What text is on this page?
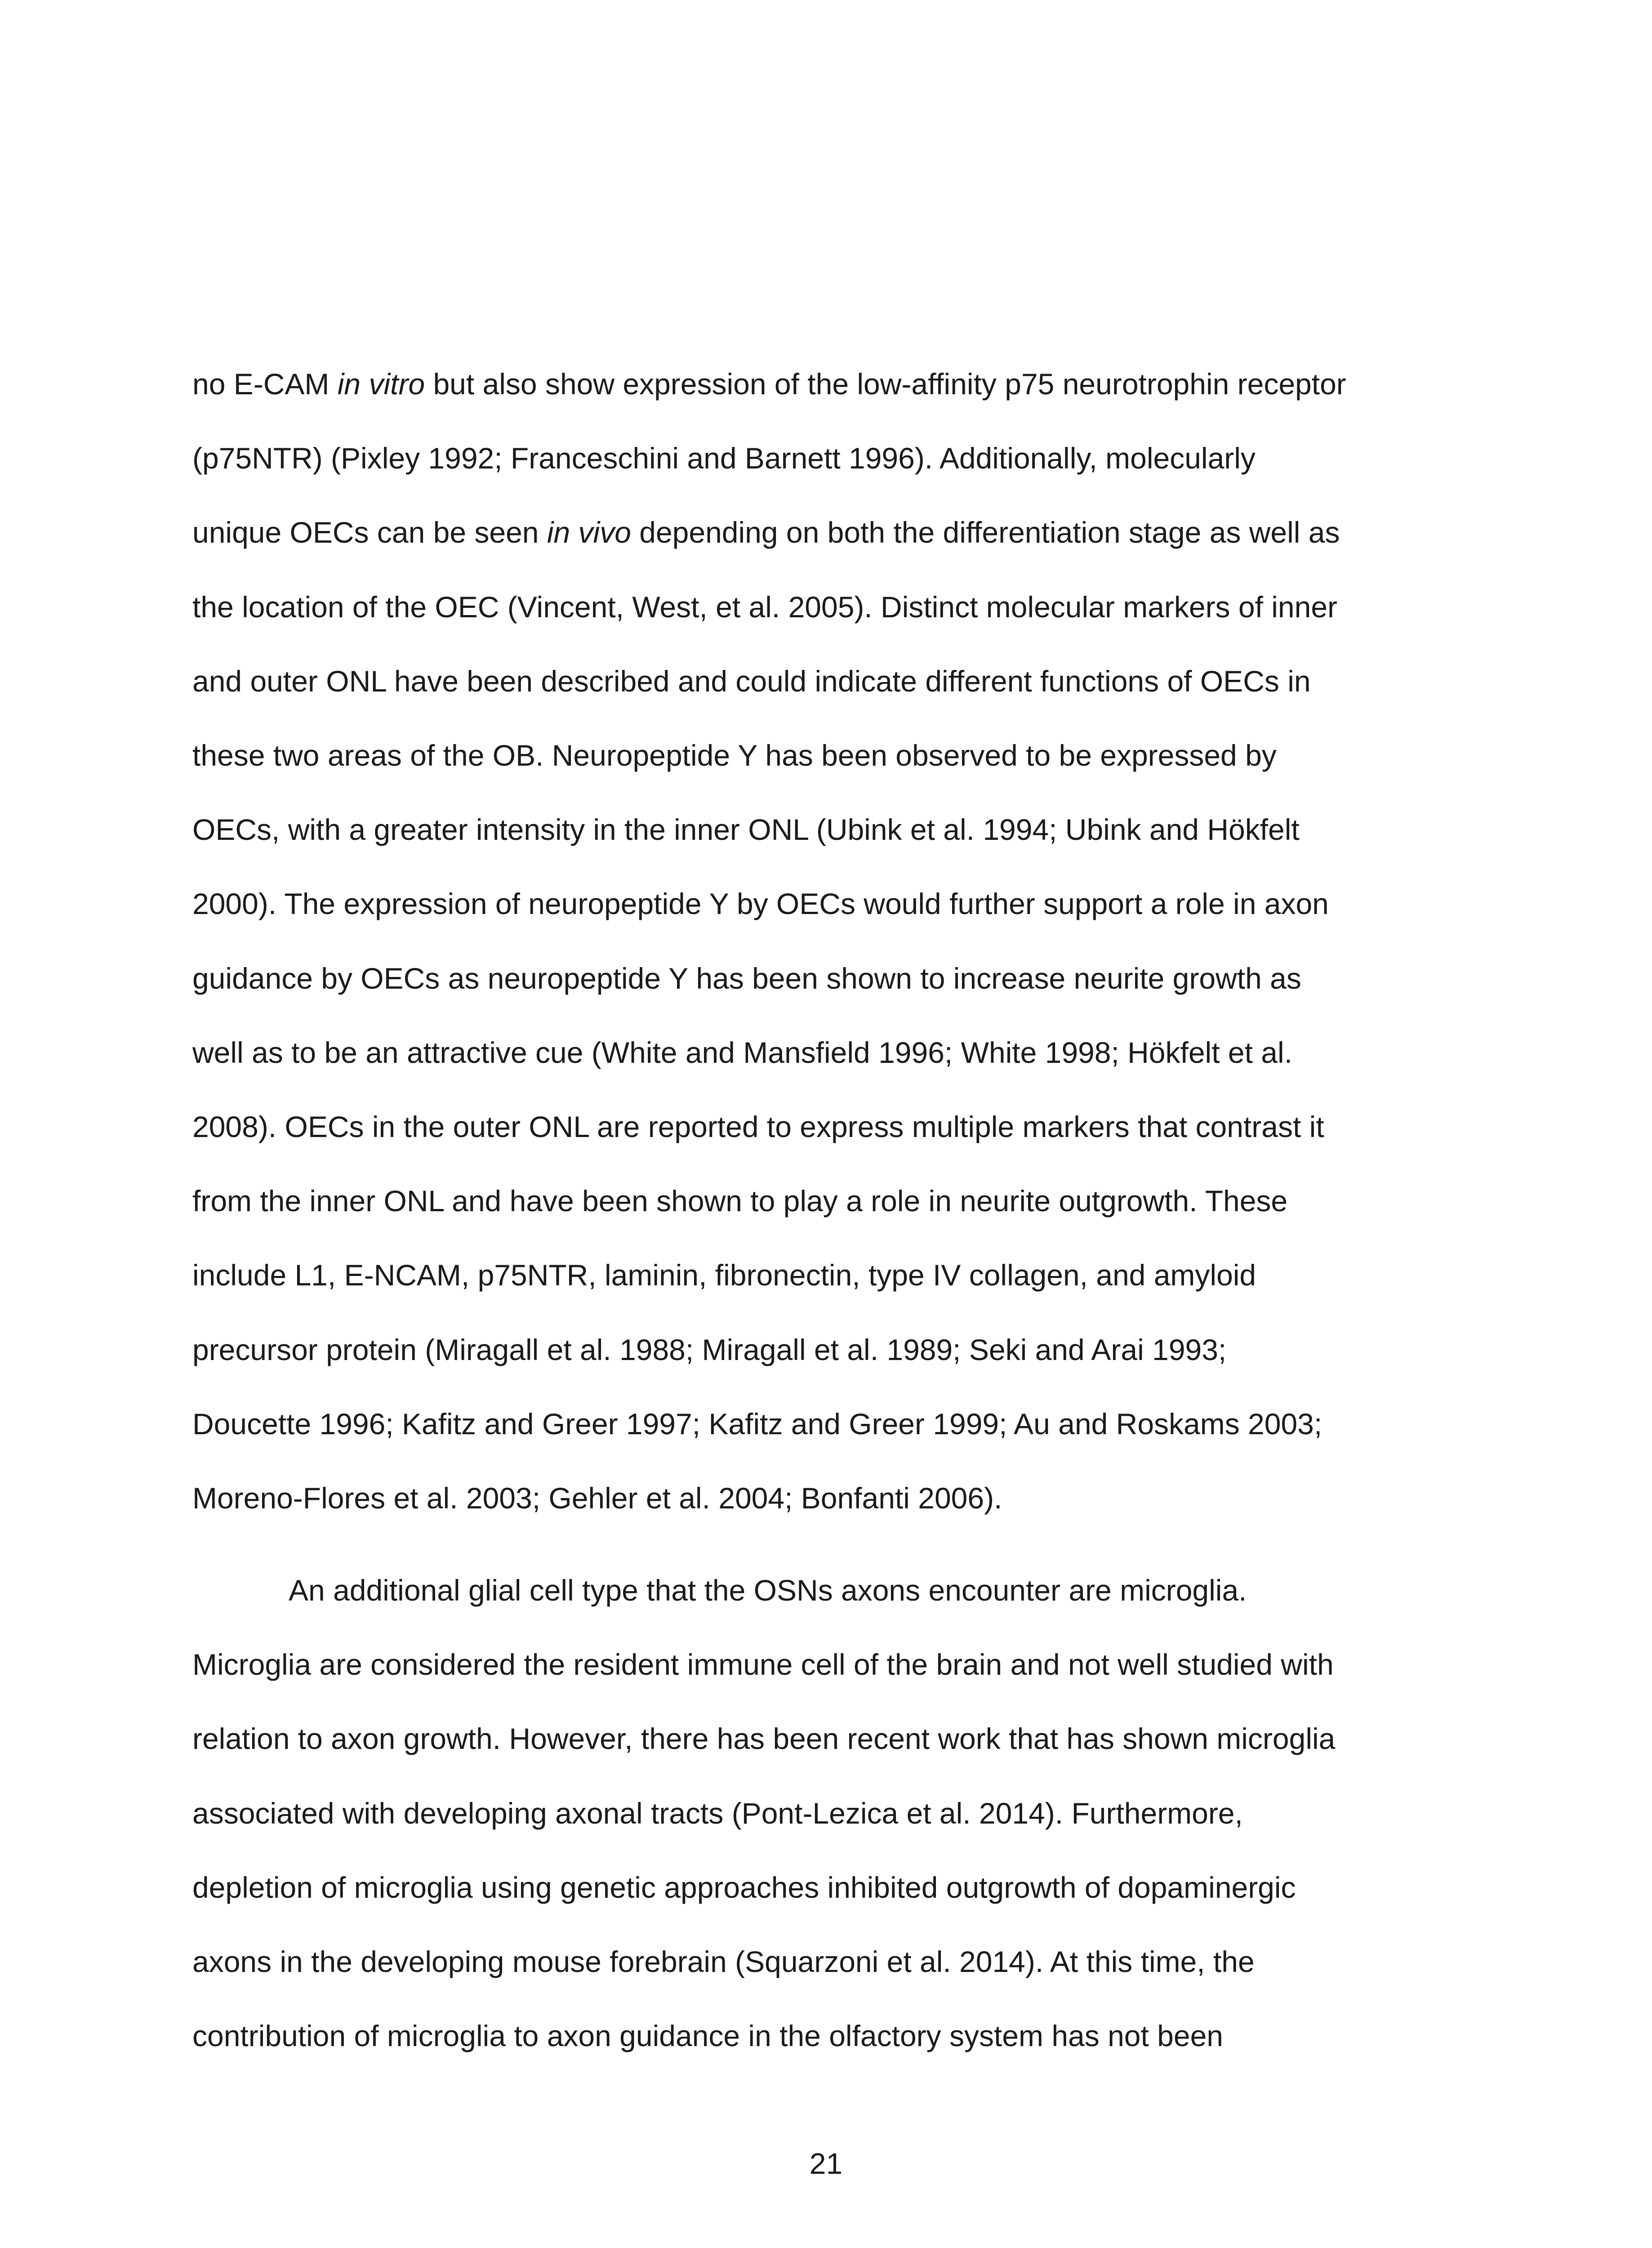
no E-CAM in vitro but also show expression of the low-affinity p75 neurotrophin receptor
(p75NTR) (Pixley 1992; Franceschini and Barnett 1996). Additionally, molecularly
unique OECs can be seen in vivo depending on both the differentiation stage as well as
the location of the OEC (Vincent, West, et al. 2005). Distinct molecular markers of inner
and outer ONL have been described and could indicate different functions of OECs in
these two areas of the OB. Neuropeptide Y has been observed to be expressed by
OECs, with a greater intensity in the inner ONL (Ubink et al. 1994; Ubink and Hökfelt
2000). The expression of neuropeptide Y by OECs would further support a role in axon
guidance by OECs as neuropeptide Y has been shown to increase neurite growth as
well as to be an attractive cue (White and Mansfield 1996; White 1998; Hökfelt et al.
2008). OECs in the outer ONL are reported to express multiple markers that contrast it
from the inner ONL and have been shown to play a role in neurite outgrowth. These
include L1, E-NCAM, p75NTR, laminin, fibronectin, type IV collagen, and amyloid
precursor protein (Miragall et al. 1988; Miragall et al. 1989; Seki and Arai 1993;
Doucette 1996; Kafitz and Greer 1997; Kafitz and Greer 1999; Au and Roskams 2003;
Moreno-Flores et al. 2003; Gehler et al. 2004; Bonfanti 2006).
An additional glial cell type that the OSNs axons encounter are microglia.
Microglia are considered the resident immune cell of the brain and not well studied with
relation to axon growth. However, there has been recent work that has shown microglia
associated with developing axonal tracts (Pont-Lezica et al. 2014). Furthermore,
depletion of microglia using genetic approaches inhibited outgrowth of dopaminergic
axons in the developing mouse forebrain (Squarzoni et al. 2014). At this time, the
contribution of microglia to axon guidance in the olfactory system has not been
21
